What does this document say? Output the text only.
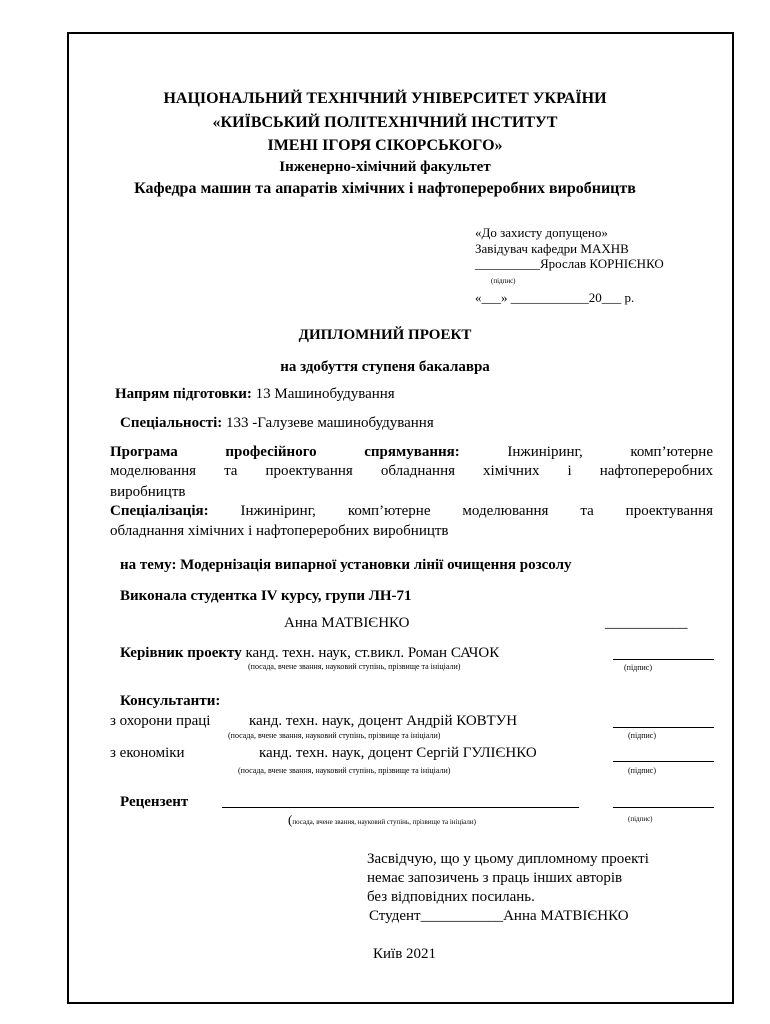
НАЦІОНАЛЬНИЙ ТЕХНІЧНИЙ УНІВЕРСИТЕТ УКРАЇНИ
«КИЇВСЬКИЙ ПОЛІТЕХНІЧНИЙ ІНСТИТУТ
ІМЕНІ ІГОРЯ СІКОРСЬКОГО»
Інженерно-хімічний факультет
Кафедра машин та апаратів хімічних і нафтопереробних виробництв
«До захисту допущено»
Завідувач кафедри МАХНВ
__________Ярослав КОРНІЄНКО
(підпис)
«___» ____________20___ р.
ДИПЛОМНИЙ ПРОЕКТ
на здобуття ступеня бакалавра
Напрям підготовки: 13 Машинобудування
Спеціальності: 133 -Галузеве машинобудування
Програма професійного спрямування:	Інжиніринг, комп’ютерне
моделювання та проектування обладнання хімічних і нафтопереробних
виробництв
Спеціалізація: Інжиніринг, комп’ютерне моделювання та проектування
обладнання хімічних і нафтопереробних виробництв
на тему: Модернізація випарної установки лінії очищення розсолу
Виконала студентка IV курсу, групи ЛН-71
Анна МАТВІЄНКО	___________
Керівник проекту канд. техн. наук, ст.викл. Роман САЧОК
(посада, вчене звання, науковий ступінь, прізвище та ініціали)	(підпис)
Консультанти:
з охорони праці	канд. техн. наук, доцент Андрій КОВТУН
(посада, вчене звання, науковий ступінь, прізвище та ініціали)	(підпис)
з економіки	канд. техн. наук, доцент Сергій ГУЛІЄНКО
(посада, вчене звання, науковий ступінь, прізвище та ініціали)	(підпис)
Рецензент
(посада, вчене звання, науковий ступінь, прізвище та ініціали)	(підпис)
Засвідчую, що у цьому дипломному проекті
немає запозичень з праць інших авторів
без відповідних посилань.
Студент___________Анна МАТВІЄНКО
Київ 2021
